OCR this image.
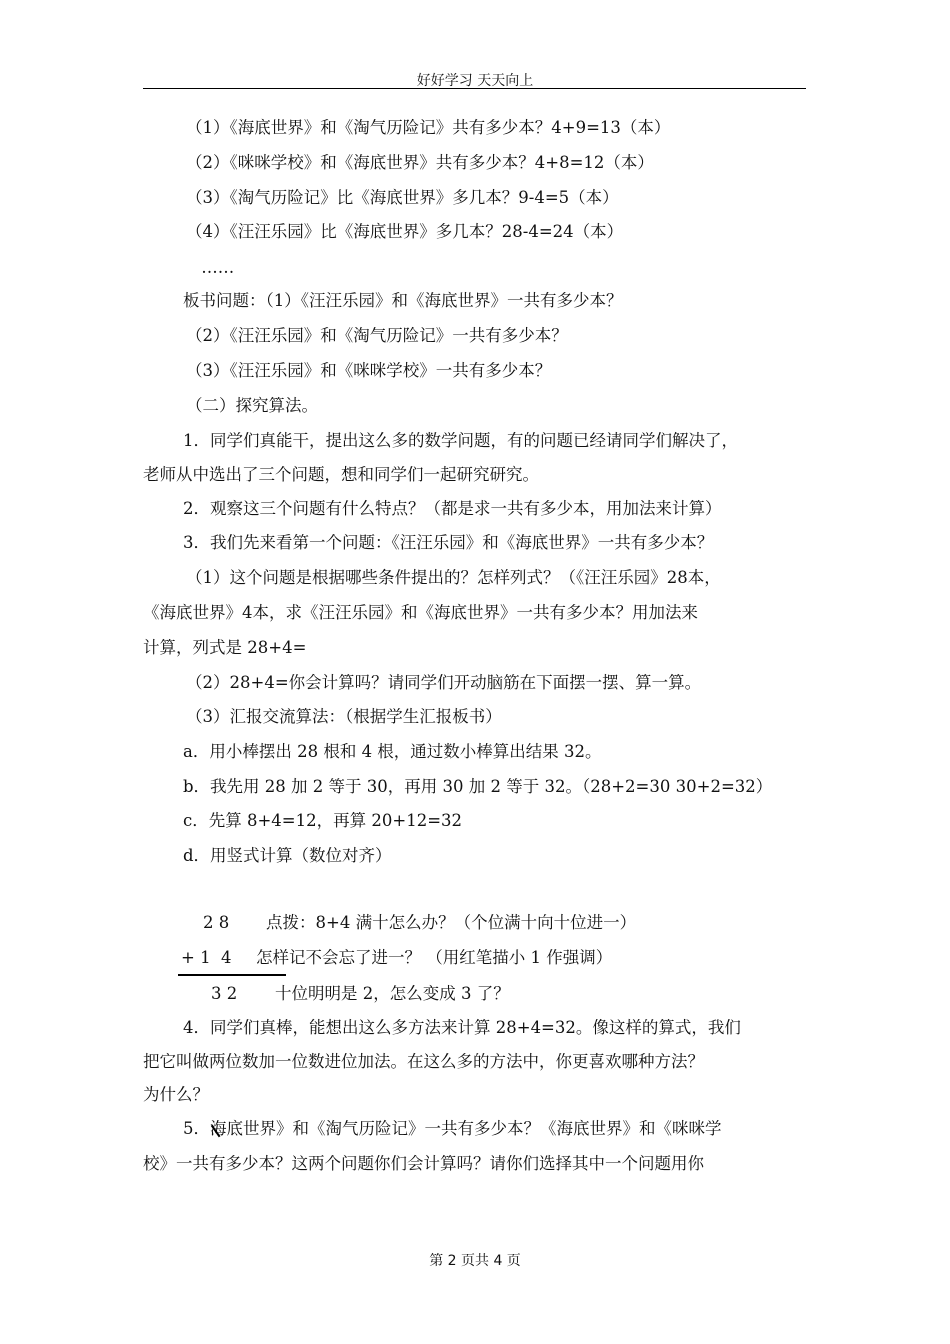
好好学习 天天向上
（1）《海底世界》和《淘气历险记》共有多少本？4+9=13（本）
（2）《咪咪学校》和《海底世界》共有多少本？4+8=12（本）
（3）《淘气历险记》比《海底世界》多几本？9-4=5（本）
（4）《汪汪乐园》比《海底世界》多几本？28-4=24（本）
……
板书问题：（1）《汪汪乐园》和《海底世界》一共有多少本？
（2）《汪汪乐园》和《淘气历险记》一共有多少本？
（3）《汪汪乐园》和《咪咪学校》一共有多少本？
（二）探究算法。
1．同学们真能干，提出这么多的数学问题，有的问题已经请同学们解决了，
老师从中选出了三个问题，想和同学们一起研究研究。
2．观察这三个问题有什么特点？（都是求一共有多少本，用加法来计算）
3．我们先来看第一个问题：《汪汪乐园》和《海底世界》一共有多少本？
（1）这个问题是根据哪些条件提出的？怎样列式？（《汪汪乐园》28本，
《海底世界》4本，求《汪汪乐园》和《海底世界》一共有多少本？用加法来
计算，列式是 28+4=
（2）28+4=你会计算吗？请同学们开动脑筋在下面摆一摆、算一算。
（3）汇报交流算法：（根据学生汇报板书）
a．用小棒摆出 28 根和 4 根，通过数小棒算出结果 32。
b．我先用 28 加 2 等于 30，再用 30 加 2 等于 32。（28+2=30 30+2=32）
c．先算 8+4=12，再算 20+12=32
d．用竖式计算（数位对齐）
2 8 点拨：8+4 满十怎么办？（个位满十向十位进一）
+ 1  4 怎样记不会忘了进一？ （用红笔描小 1 作强调）
3 2 十位明明是 2，怎么变成 3 了？
4．同学们真棒，能想出这么多方法来计算 28+4=32。像这样的算式，我们
把它叫做两位数加一位数进位加法。在这么多的方法中，你更喜欢哪种方法？
为什么？
5．海底世界》和《淘气历险记》一共有多少本？《海底世界》和《咪咪学
校》一共有多少本？这两个问题你们会计算吗？请你们选择其中一个问题用你
第 2 页共 4 页
